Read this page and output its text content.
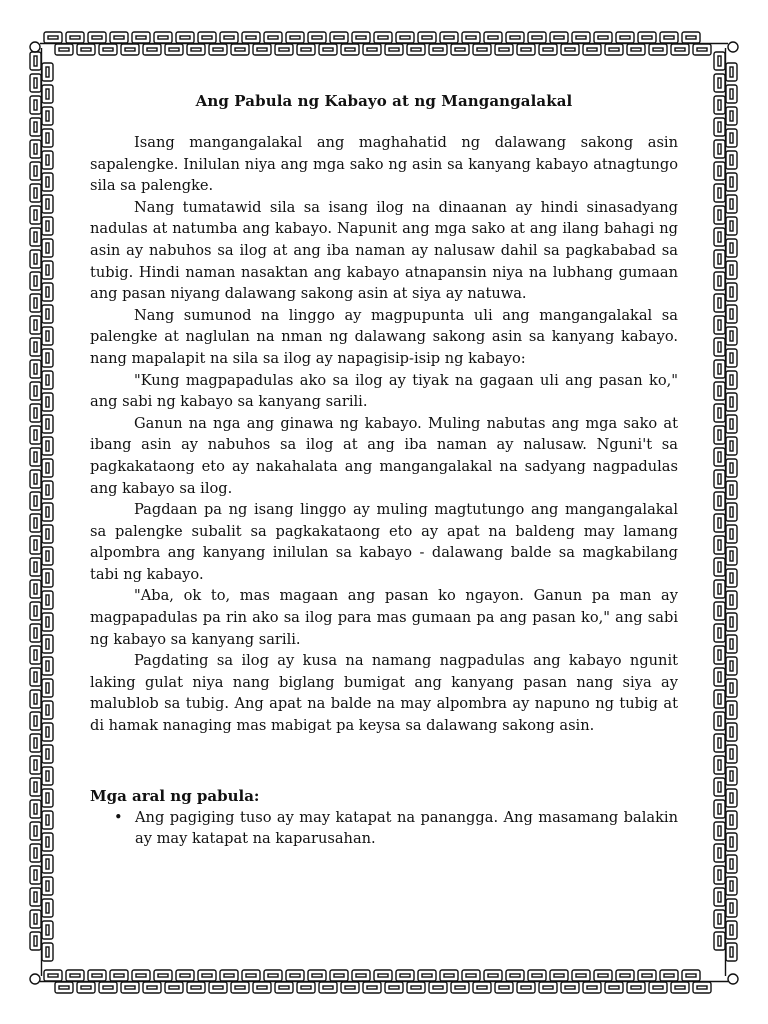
Ang Pabula ng Kabayo at ng Mangangalakal

Isang mangangalakal ang maghahatid ng dalawang sakong asin sapalengke. Inilulan niya ang mga sako ng asin sa kanyang kabayo atnagtungo sila sa palengke.

Nang tumatawid sila sa isang ilog na dinaanan ay hindi sinasadyang nadulas at natumba ang kabayo. Napunit ang mga sako at ang ilang bahagi ng asin ay nabuhos sa ilog at ang iba naman ay nalusaw dahil sa pagkababad sa tubig. Hindi naman nasaktan ang kabayo atnapansin niya na lubhang gumaan ang pasan niyang dalawang sakong asin at siya ay natuwa.

Nang sumunod na linggo ay magpupunta uli ang mangangalakal sa palengke at naglulan na nman ng dalawang sakong asin sa kanyang kabayo. nang mapalapit na sila sa ilog ay napagisip-isip ng kabayo:

"Kung magpapadulas ako sa ilog ay tiyak na gagaan uli ang pasan ko," ang sabi ng kabayo sa kanyang sarili.

Ganun na nga ang ginawa ng kabayo. Muling nabutas ang mga sako at ibang asin ay nabuhos sa ilog at ang iba naman ay nalusaw. Nguni't sa pagkakataong eto ay nakahalata ang mangangalakal na sadyang nagpadulas ang kabayo sa ilog.

Pagdaan pa ng isang linggo ay muling magtutungo ang mangangalakal sa palengke subalit sa pagkakataong eto ay apat na baldeng may lamang alpombra ang kanyang inilulan sa kabayo - dalawang balde sa magkabilang tabi ng kabayo.

"Aba, ok to, mas magaan ang pasan ko ngayon. Ganun pa man ay magpapadulas pa rin ako sa ilog para mas gumaan pa ang pasan ko," ang sabi ng kabayo sa kanyang sarili.

Pagdating sa ilog ay kusa na namang nagpadulas ang kabayo ngunit laking gulat niya nang biglang bumigat ang kanyang pasan nang siya ay malublob sa tubig. Ang apat na balde na may alpombra ay napuno ng tubig at di hamak nanaging mas mabigat pa keysa sa dalawang sakong asin.

Mga aral ng pabula:
• Ang pagiging tuso ay may katapat na panangga. Ang masamang balakin ay may katapat na kaparusahan.
